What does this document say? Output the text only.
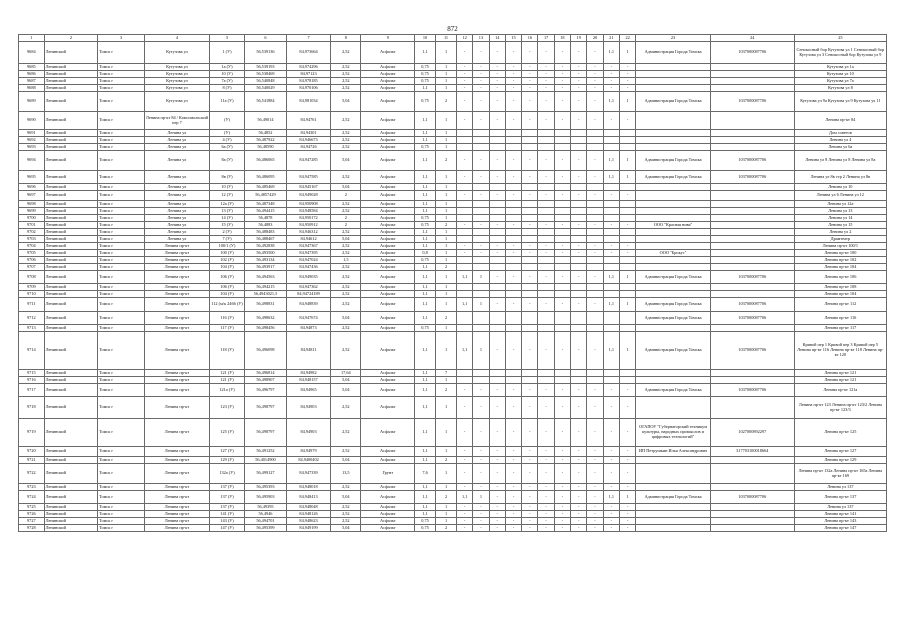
872
1	2	3	4	5	6	7	8	9	10	11	12	13	14	15	16	17	18	19	20	21	22	23	24	25
9684	Ленинский	Томск г	Кутузова ул	1 (У)	56,539136	84,973664	2,52	Асфальт	1,1	1	-	-	-	-	-	-	-	-	-	1,1	1	Администрация Города Томска	1037000087706	Сенокосный бор Кутузова ул 1 Сенокосный бор Кутузова ул 3 Сенокосный бор Кутузова ул 9
9685	Ленинский	Томск г	Кутузова ул	1а (У)	56,539193	84,974296	2,52	Асфальт	0,75	1	-	-	-	-	-	-	-	-	-	-	-			Кутузова ул 1а
9686	Ленинский	Томск г	Кутузова ул	10 (У)	56,538469	84,97123	2,52	Асфальт	0,75	1	-	-	-	-	-	-	-	-	-	-	-			Кутузова ул 10
9687	Ленинский	Томск г	Кутузова ул	7а (У)	56,540848	84,978185	2,52	Асфальт	0,75	1	-	-	-	-	-	-	-	-	-	-	-			Кутузова ул 7а
9688	Ленинский	Томск г	Кутузова ул	8 (У)	56,540029	84,970106	2,52	Асфальт	1,1	1	-	-	-	-	-	-	-	-	-	-	-			Кутузова ул 8
9689	Ленинский	Томск г	Кутузова ул	11а (У)	56,541884	84,981034	5,04	Асфальт	0,75	2	-	-	-	-	-	-	-	-	-	1,1	1	Администрация Города Томска	1037000087706	Кутузова ул 9а Кутузова ул 9 Кутузова ул 11
9690	Ленинский	Томск г	Ленина пр-кт 84 / Комсомольский пер 7	(У)	56,49014	84,94761	2,52	Асфальт	1,1	1	-	-	-	-	-	-	-	-	-	-	-			Ленина пр-кт 84
9691	Ленинский	Томск г	Ленина ул	(У)	56,4852	84,94301	2,52	Асфальт	1,1	1														Дом советов
9692	Ленинский	Томск г	Ленина ул	4 (У)	56,487922	84,946673	2,52	Асфальт	1,1	1														Ленина ул 4
9693	Ленинский	Томск г	Ленина ул	6а (У)	56,48590	84,94726	2,52	Асфальт	0,75	1														Ленина ул 6а
9694	Ленинский	Томск г	Ленина ул	8а (У)	56,486065	84,947285	5,04	Асфальт	1,1	2	-	-	-	-	-	-	-	-	-	1,1	1	Администрация Города Томска	1037000087706	Ленина ул 8 Ленина ул 8 Ленина ул 8а
9695	Ленинский	Томск г	Ленина ул	8в (У)	56,486095	84,947585	2,52	Асфальт	1,1	1	-	-	-	-	-	-	-	-	-	1,1	1	Администрация Города Томска	1037000087706	Ленина ул 8в стр 2 Ленина ул 8в
9696	Ленинский	Томск г	Ленина ул	10 (У)	56,485469	84,945167	5,04	Асфальт	1,1	1														Ленина ул 10
9697	Ленинский	Томск г	Ленина ул	12 (У)	56,4857429	84,949028	2	Асфальт	1,1	1	-	-	-	-	-	-	-	-	-	-	-			Ленина ул 6 Ленина ул 12
9698	Ленинский	Томск г	Ленина ул	12а (У)	56,487348	84,950908	2,52	Асфальт	1,1	1														Ленина ул 12а
9699	Ленинский	Томск г	Ленина ул	13 (У)	56,494415	84,948584	2,52	Асфальт	1,1	1														Ленина ул 13
9700	Ленинский	Томск г	Ленина ул	14 (У)	56,4878	84,950172	2	Асфальт	0,75	1														Ленина ул 14
9701	Ленинский	Томск г	Ленина ул	15 (У)	56,4883	84,950912	2	Асфальт	0,75	2	-	-	-	-	-	-	-	-	-	-	-	ООО "Красная нива"		Ленина ул 15
9702	Ленинский	Томск г	Ленина ул	2 (У)	56,488483	84,946312	2,52	Асфальт	1,1	1														Ленина ул 2
9703	Ленинский	Томск г	Ленина ул	7 (У)	56,488467	84,94612	5,04	Асфальт	1,1	1														Драмтеатр
9704	Ленинский	Томск г	Ленина пр-кт	100/1 (У)	56,492838	84,947367	2,52	Асфальт	1,1	1	-	-	-	-	-	-	-	-	-	-	-			Ленина пр-кт 100/1
9705	Ленинский	Томск г	Ленина пр-кт	100 (У)	56,493500	84,947395	2,52	Асфальт	0,8	1	-	-	-	-	-	-	-	-	-	-	-	ООО "Брокус"		Ленина пр-кт 100
9706	Ленинский	Томск г	Ленина пр-кт	102 (У)	56,493134	84,947024	1,5	Асфальт	0,75	1														Ленина пр-кт 102
9707	Ленинский	Томск г	Ленина пр-кт	104 (У)	56,493917	84,947436	2,52	Асфальт	1,1	2														Ленина пр-кт 104
9708	Ленинский	Томск г	Ленина пр-кт	106 (У)	56,494563	84,949035	2,52	Асфальт	1,1	1	1,1	1	-	-	-	-	-	-	-	1,1	1	Администрация Города Томска	1037000087706	Ленина пр-кт 106
9709	Ленинский	Томск г	Ленина пр-кт	106 (У)	56,494215	84,947362	2,52	Асфальт	1,1	1														Ленина пр-кт 108
9710	Ленинский	Томск г	Ленина пр-кт	104 (У)	56,4943021,5	84,94724189	2,52	Асфальт	1,1	1														Ленина пр-кт 104
9711	Ленинский	Томск г	Ленина пр-кт	112 (м/к 2466 (У)	56,498831	84,948839	2,52	Асфальт	1,1	1	1,1	1	-	-	-	-	-	-	-	1,1	1	Администрация Города Томска	1037000087706	Ленина пр-кт 112
9712	Ленинский	Томск г	Ленина пр-кт	116 (У)	56,498632	84,947674	5,04	Асфальт	1,1	2												Администрация Города Томска	1037000087706	Ленина пр-кт 116
9713	Ленинский	Томск г	Ленина пр-кт	117 (У)	56,498456	84,94873	2,52	Асфальт	0,75	1														Ленина пр-кт 117
9714	Ленинский	Томск г	Ленина пр-кт	118 (У)	56,496098	84,94811	2,52	Асфальт	1,1	1	1,1	1	-	-	-	-	-	-	-	1,1	1	Администрация Города Томска	1037000087706	Кривой пер 1 Кривой пер 3 Кривой пер 5 Ленина пр-кт 116 Ленина пр-кт 118 Ленина пр-кт 120
9715	Ленинский	Томск г	Ленина пр-кт	121 (У)	56,496814	84,94982	17,64	Асфальт	1,1	7														Ленина пр-кт 121
9716	Ленинский	Томск г	Ленина пр-кт	121 (У)	56,498907	84,948157	5,04	Асфальт	1,1	1														Ленина пр-кт 121
9717	Ленинский	Томск г	Ленина пр-кт	121а (У)	56,496797	84,94965	5,04	Асфальт	1,1	2	-	-	-	-	-	-	-	-	-	-	-	Администрация Города Томска	1037000087706	Ленина пр-кт 121а
9718	Ленинский	Томск г	Ленина пр-кт	123 (У)	56,498797	84,94903	2,52	Асфальт	1,1	1	-	-	-	-	-	-	-	-	-	-	-			Ленина пр-кт 123 Ленина пр-кт 123/2 Ленина пр-кт 123/3
9719	Ленинский	Томск г	Ленина пр-кт	125 (У)	56,498797	84,94903	2,52	Асфальт	1,1	1	-	-	-	-	-	-	-	-	-	-	-	ОГАПОУ "Губернаторский техникум культуры, народных промыслов и цифровых технологий"	1027000892297	Ленина пр-кт 125
9720	Ленинский	Томск г	Ленина пр-кт	127 (У)	56,491252	84,94979	2,52	Асфальт	1,1	1	-	-	-	-	-	-	-	-	-	-	-	ИП Петрушкин Илья Александрович	317703100018664	Ленина пр-кт 127
9721	Ленинский	Томск г	Ленина пр-кт	129 (У)	56,4014900	84,9400402	5,04	Асфальт	1,1	2	-	-	-	-	-	-	-	-	-	-	-			Ленина пр-кт 129
9722	Ленинский	Томск г	Ленина пр-кт	132а (У)	56,499127	84,947339	13,5	Грунт	7,6	1	-	-	-	-	-	-	-	-	-	-	-			Ленина пр-кт 132а Ленина пр-кт 165а Ленина пр-кт 169
9723	Ленинский	Томск г	Ленина пр-кт	137 (У)	56,495393	84,948018	2,52	Асфальт	1,1	1	-	-	-	-	-	-	-	-	-	-	-			Ленина ул 137
9724	Ленинский	Томск г	Ленина пр-кт	137 (У)	56,495903	84,948413	5,04	Асфальт	1,1	2	1,1	1	-	-	-	-	-	-	-	1,1	1	Администрация Города Томска	1037000087706	Ленина пр-кт 137
9725	Ленинский	Томск г	Ленина пр-кт	137 (У)	56,49395	84,948048	2,52	Асфальт	1,1	1	-	-	-	-	-	-	-	-	-	-	-			Ленина ул 137
9726	Ленинский	Томск г	Ленина пр-кт	141 (У)	56,4946	84,948126	2,52	Асфальт	1,1	1	-	-	-	-	-	-	-	-	-	-	-			Ленина пр-кт 141
9727	Ленинский	Томск г	Ленина пр-кт	143 (У)	56,494701	84,948623	2,52	Асфальт	0,75	1	-	-	-	-	-	-	-	-	-	-	-			Ленина пр-кт 143
9728	Ленинский	Томск г	Ленина пр-кт	147 (У)	56,495399	84,949199	5,04	Асфальт	0,75	2	-	-	-	-	-	-	-	-	-	-	-			Ленина пр-кт 147
